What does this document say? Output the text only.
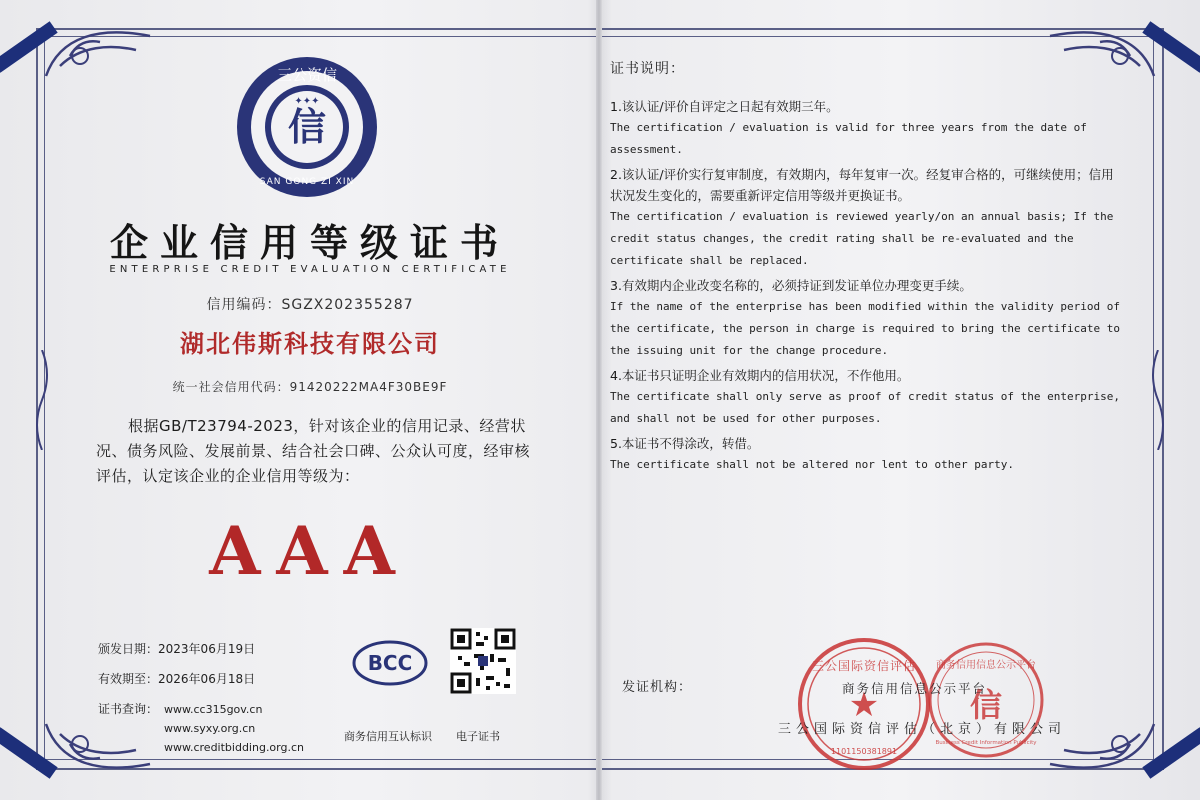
三公资信
信
SAN GONG ZI XIN
✦✦✦
企业信用等级证书
ENTERPRISE CREDIT EVALUATION CERTIFICATE
信用编码：SGZX202355287
湖北伟斯科技有限公司
统一社会信用代码：91420222MA4F30BE9F
根据GB/T23794-2023，针对该企业的信用记录、经营状况、债务风险、发展前景、结合社会口碑、公众认可度，经审核评估，认定该企业的企业信用等级为：
AAA
颁发日期：2023年06月19日
有效期至：2026年06月18日
证书查询： www.cc315gov.cn
www.syxy.org.cn
www.creditbidding.org.cn
BCC
商务信用互认标识 电子证书
证书说明：
1.该认证/评价自评定之日起有效期三年。
The certification / evaluation is valid for three years from the date of assessment.
2.该认证/评价实行复审制度，有效期内，每年复审一次。经复审合格的，可继续使用；信用状况发生变化的，需要重新评定信用等级并更换证书。
The certification / evaluation is reviewed yearly/on an annual basis; If the credit status changes, the credit rating shall be re-evaluated and the certificate shall be replaced.
3.有效期内企业改变名称的，必须持证到发证单位办理变更手续。
If the name of the enterprise has been modified within the validity period of the certificate, the person in charge is required to bring the certificate to the issuing unit for the change procedure.
4.本证书只证明企业有效期内的信用状况，不作他用。
The certificate shall only serve as proof of credit status of the enterprise, and shall not be used for other purposes.
5.本证书不得涂改，转借。
The certificate shall not be altered nor lent to other party.
发证机构：
三公国际资信评估
★
1101150381891
商务信用信息公示平台
信
Business Credit Information Publicity
商务信用信息公示平台
三公国际资信评估（北京）有限公司
